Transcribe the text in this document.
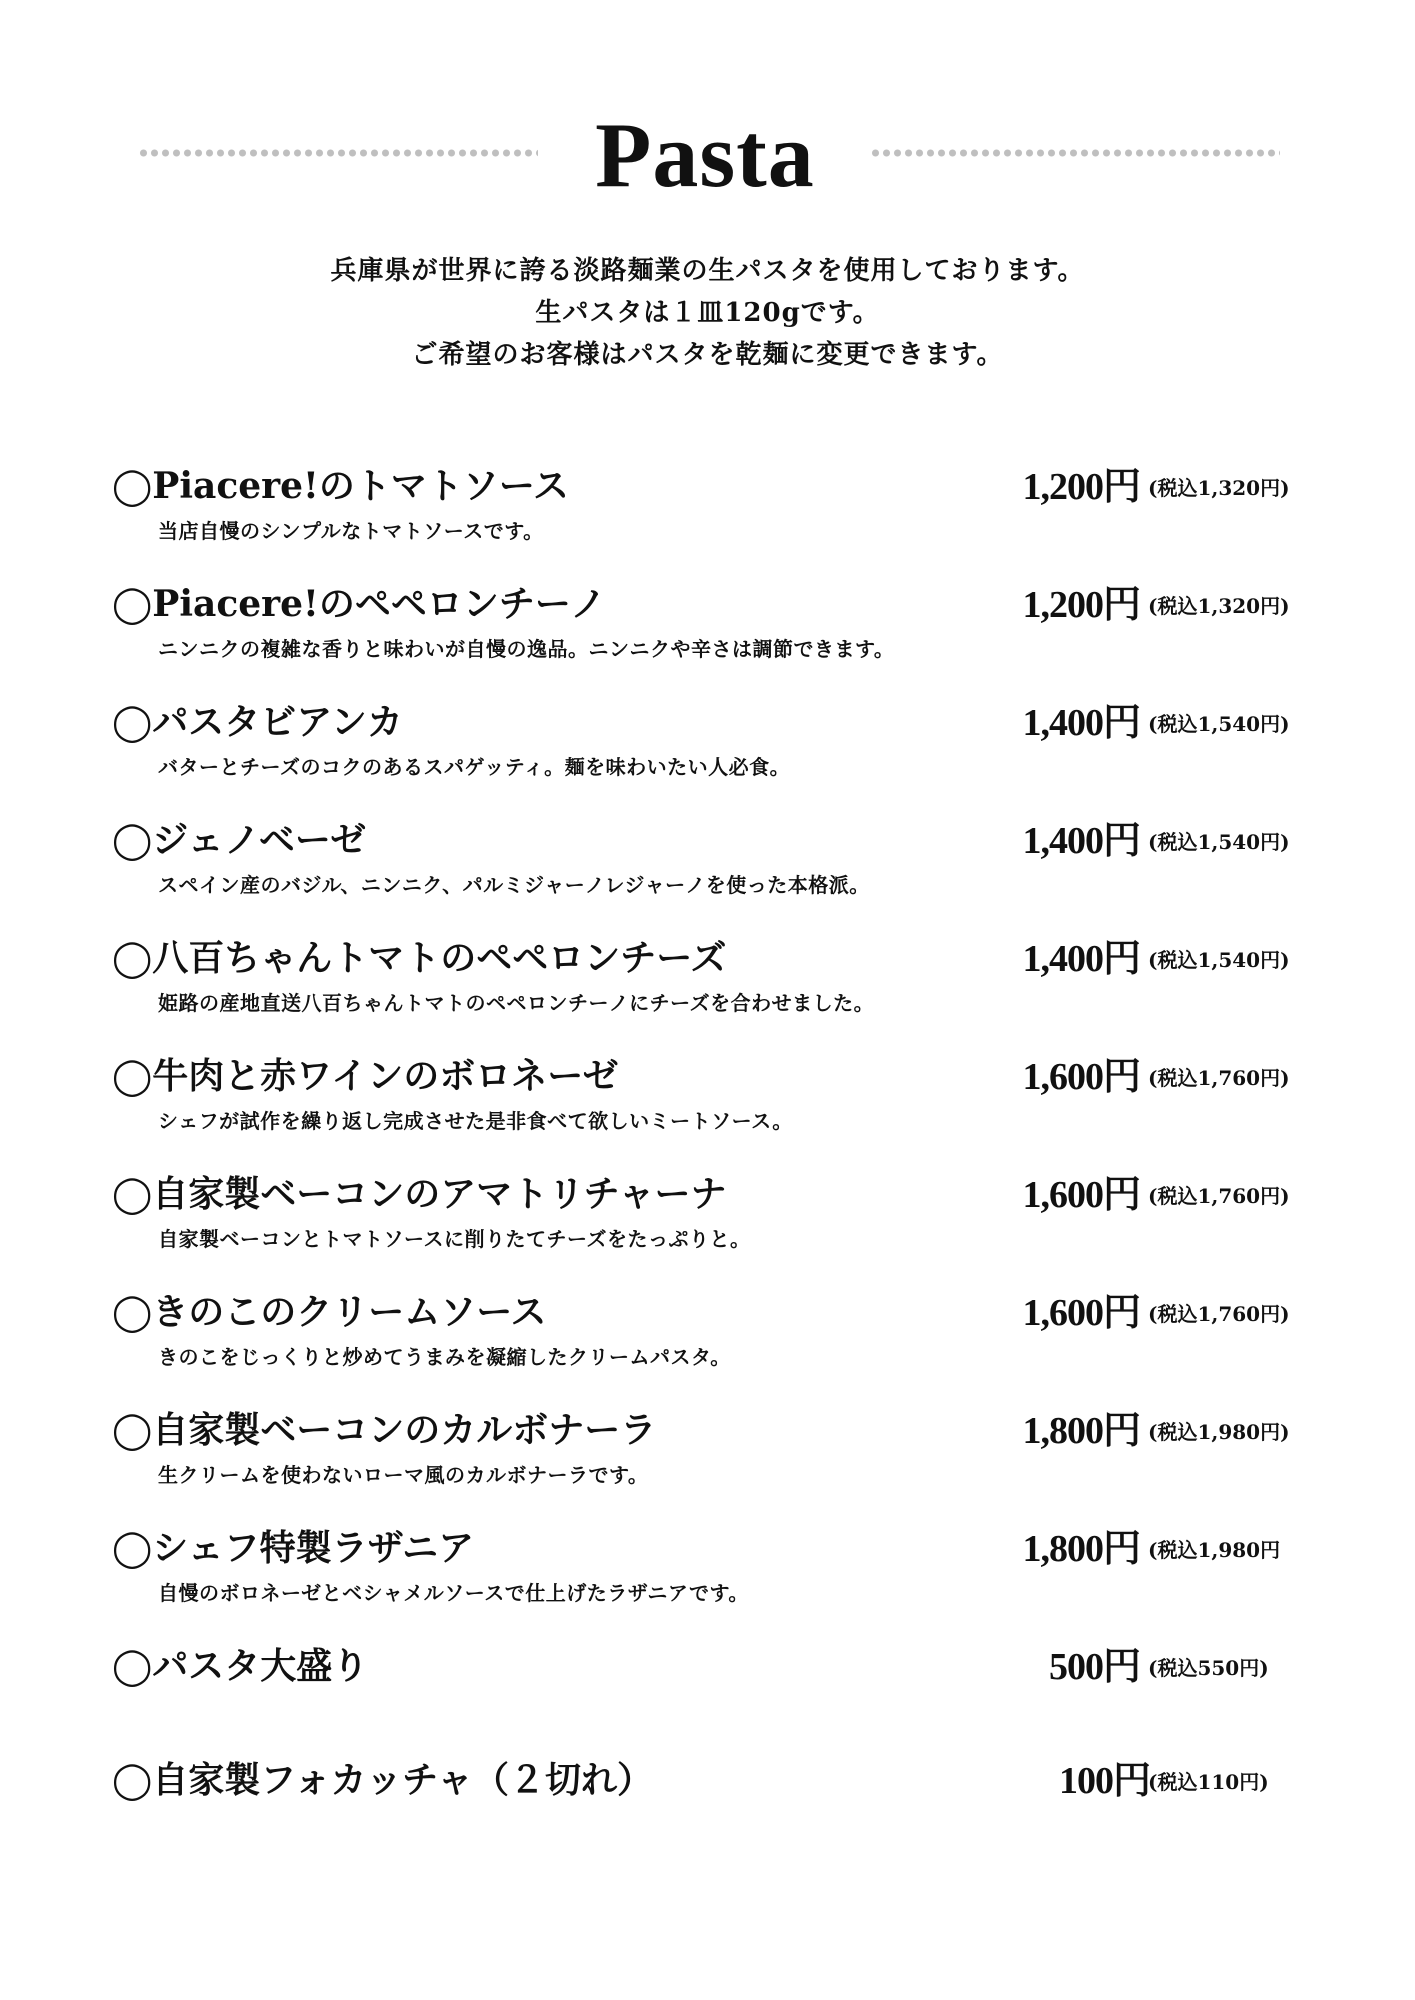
Pasta
兵庫県が世界に誇る淡路麺業の生パスタを使用しております。
生パスタは１皿120gです。
ご希望のお客様はパスタを乾麺に変更できます。
◯Piacere!のトマトソース	1,200円 (税込1,320円)
当店自慢のシンプルなトマトソースです。
◯Piacere!のペペロンチーノ	1,200円 (税込1,320円)
ニンニクの複雑な香りと味わいが自慢の逸品。ニンニクや辛さは調節できます。
◯パスタビアンカ	1,400円 (税込1,540円)
バターとチーズのコクのあるスパゲッティ。麺を味わいたい人必食。
◯ジェノベーゼ	1,400円 (税込1,540円)
スペイン産のバジル、ニンニク、パルミジャーノレジャーノを使った本格派。
◯八百ちゃんトマトのペペロンチーズ	1,400円 (税込1,540円)
姫路の産地直送八百ちゃんトマトのペペロンチーノにチーズを合わせました。
◯牛肉と赤ワインのボロネーゼ	1,600円 (税込1,760円)
シェフが試作を繰り返し完成させた是非食べて欲しいミートソース。
◯自家製ベーコンのアマトリチャーナ	1,600円 (税込1,760円)
自家製ベーコンとトマトソースに削りたてチーズをたっぷりと。
◯きのこのクリームソース	1,600円 (税込1,760円)
きのこをじっくりと炒めてうまみを凝縮したクリームパスタ。
◯自家製ベーコンのカルボナーラ	1,800円 (税込1,980円)
生クリームを使わないローマ風のカルボナーラです。
◯シェフ特製ラザニア	1,800円 (税込1,980円
自慢のボロネーゼとベシャメルソースで仕上げたラザニアです。
◯パスタ大盛り	500円 (税込550円)
◯自家製フォカッチャ（２切れ）	100円
(税込110円)
